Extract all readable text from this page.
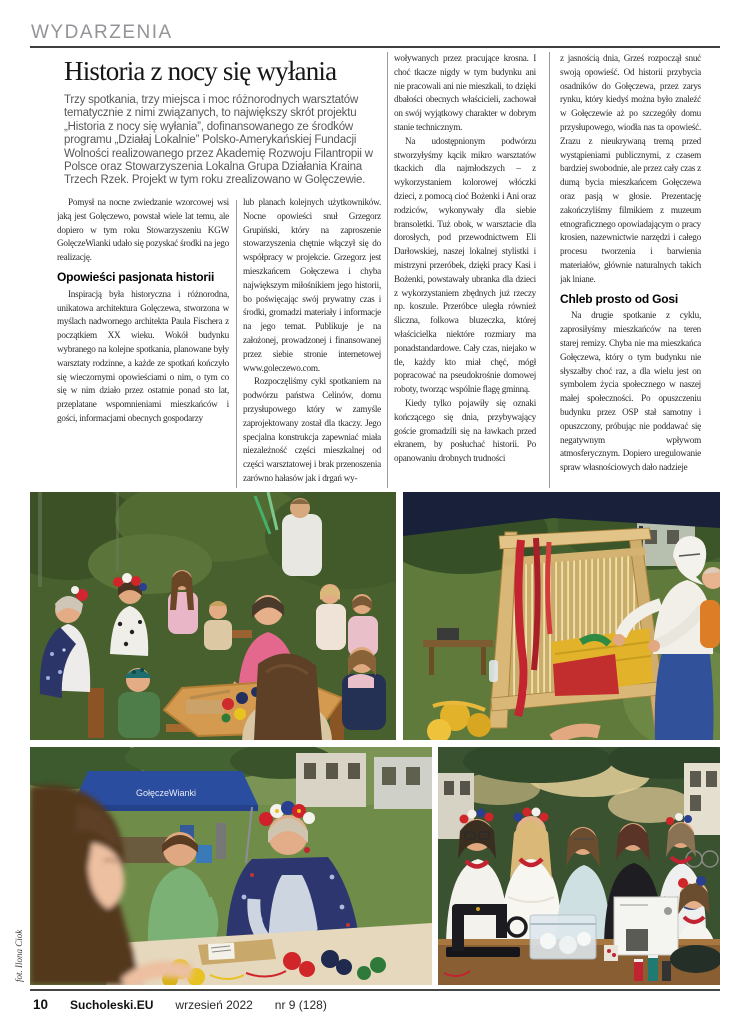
WYDARZENIA
Historia z nocy się wyłania

Trzy spotkania, trzy miejsca i moc różnorodnych warsztatów tematycznie z nimi związanych, to największy skrót projektu „Historia z nocy się wyłania”, dofinansowanego ze środków programu „Działaj Lokalnie” Polsko-Amerykańskiej Fundacji Wolności realizowanego przez Akademię Rozwoju Filantropii w Polsce oraz Stowarzyszenia Lokalna Grupa Działania Kraina Trzech Rzek. Projekt w tym roku zrealizowano w Golęczewie.

Pomysł na nocne zwiedzanie wzorcowej wsi jaką jest Golęczewo, powstał wiele lat temu, ale dopiero w tym roku Stowarzyszeniu KGW GolęczeWianki udało się pozyskać środki na jego realizację.

Opowieści pasjonata historii

Inspiracją była historyczna i różnorodna, unikatowa architektura Golęczewa, stworzona w myślach nadwornego architekta Paula Fischera z początkiem XX wieku. Wokół budynku wybranego na kolejne spotkania, planowane były warsztaty rodzinne, a każde ze spotkań kończyło się wieczornymi opowieściami o nim, o tym co się w nim działo przez ostatnie ponad sto lat, przeplatane wspomnieniami mieszkańców i gości, informacjami obecnych gospodarzy

lub planach kolejnych użytkowników. Nocne opowieści snuł Grzegorz Grupiński, który na zaproszenie stowarzyszenia chętnie włączył się do współpracy w projekcie. Grzegorz jest mieszkańcem Gołęczewa i chyba największym miłośnikiem jego historii, bo poświęcając swój prywatny czas i środki, gromadzi materiały i informacje na jego temat. Publikuje je na założonej, prowadzonej i finansowanej przez siebie stronie internetowej www.goleczewo.com.

Rozpoczęliśmy cykl spotkaniem na podwórzu państwa Celinów, domu przysłupowego który w zamyśle zaprojektowany został dla tkaczy. Jego specjalna konstrukcja zapewniać miała niezależność części mieszkalnej od części warsztatowej i brak przenoszenia zarówno hałasów jak i drgań wy-

woływanych przez pracujące krosna. I choć tkacze nigdy w tym budynku ani nie pracowali ani nie mieszkali, to dzięki dbałości obecnych właścicieli, zachował on swój wyjątkowy charakter w dobrym stanie technicznym.

Na udostępnionym podwórzu stworzyłyśmy kącik mikro warsztatów tkackich dla najmłodszych – z wykorzystaniem kolorowej włóczki dzieci, z pomocą cioć Bożenki i Ani oraz rodziców, wykonywały dla siebie bransoletki. Tuż obok, w warsztacie dla dorosłych, pod przewodnictwem Eli Darłowskiej, naszej lokalnej stylistki i mistrzyni przeróbek, dzięki pracy Kasi i Bożenki, powstawały ubranka dla dzieci z wykorzystaniem zbędnych już rzeczy np. koszule. Przeróbce uległa również śliczna, folkowa bluzeczka, której właścicielka niektóre rozmiary ma ponadstandardowe. Cały czas, niejako w tle, każdy kto miał chęć, mógł popracować na pseudokrośnie domowej roboty, tworząc wspólnie flagę gminną.

Kiedy tylko pojawiły się oznaki kończącego się dnia, przybywający goście gromadzili się na ławkach przed ekranem, by posłuchać historii. Po opanowaniu drobnych trudności

z jasnością dnia, Grześ rozpoczął snuć swoją opowieść. Od historii przybycia osadników do Gołęczewa, przez zarys rynku, który kiedyś można było znaleźć w Gołęczewie aż po szczegóły domu przysłupowego, wiodła nas ta opowieść. Zrazu z nieukrywaną tremą przed wystąpieniami publicznymi, z czasem bardziej swobodnie, ale przez cały czas z dumą bycia mieszkańcem Gołęczewa oraz pasją w głosie. Prezentację zakończyliśmy filmikiem z muzeum etnograficznego opowiadającym o pracy krosien, nazewnictwie narzędzi i całego procesu tworzenia i barwienia materiałów, głównie naturalnych takich jak lniane.

Chleb prosto od Gosi

Na drugie spotkanie z cyklu, zaprosiłyśmy mieszkańców na teren starej remizy. Chyba nie ma mieszkańca Gołęczewa, który o tym budynku nie słyszałby choć raz, a dla wielu jest on symbolem życia społecznego w naszej małej społeczności. Po opuszczeniu budynku przez OSP stał samotny i opuszczony, próbując nie poddawać się negatywnym wpływom atmosferycznym. Dopiero uregulowanie spraw własnościowych dało nadzieje

GołęczeWianki
fot. Ilona Ciok
10 Sucholeski.EU wrzesień 2022 nr 9 (128)
